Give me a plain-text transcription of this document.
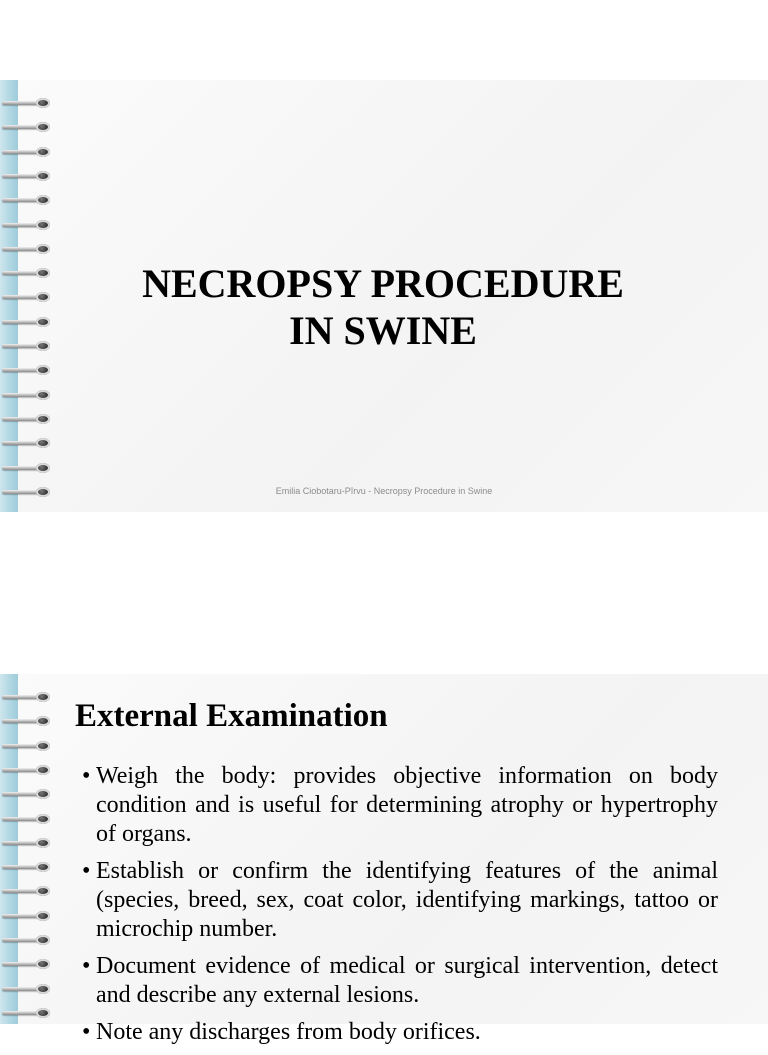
NECROPSY PROCEDURE
IN SWINE
Emilia Ciobotaru-Pîrvu - Necropsy Procedure in Swine
External Examination
• Weigh the body: provides objective information on body condition and is useful for determining atrophy or hypertrophy of organs.
• Establish or confirm the identifying features of the animal (species, breed, sex, coat color, identifying markings, tattoo or microchip number.
• Document evidence of medical or surgical intervention, detect and describe any external lesions.
• Note any discharges from body orifices.
